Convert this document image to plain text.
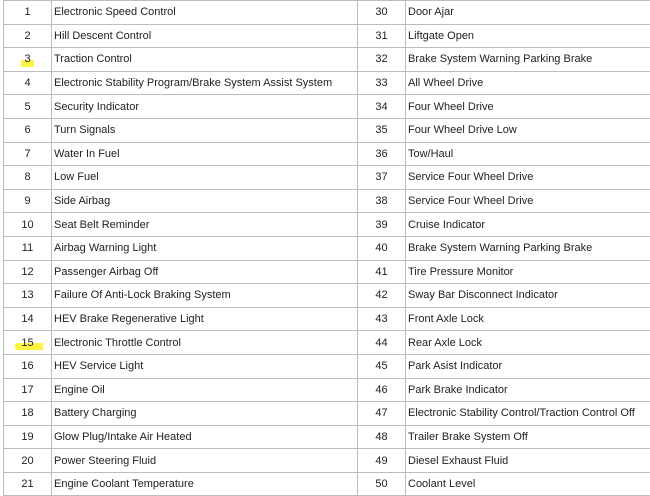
1	Electronic Speed Control	30	Door Ajar
2	Hill Descent Control	31	Liftgate Open

3	Traction Control	32	Brake System Warning Parking Brake
4	Electronic Stability Program/Brake System Assist System	33	All Wheel Drive
5	Security Indicator	34	Four Wheel Drive
6	Turn Signals	35	Four Wheel Drive Low
7	Water In Fuel	36	Tow/Haul
8	Low Fuel	37	Service Four Wheel Drive
9	Side Airbag	38	Service Four Wheel Drive
10	Seat Belt Reminder	39	Cruise Indicator
11	Airbag Warning Light	40	Brake System Warning Parking Brake
12	Passenger Airbag Off	41	Tire Pressure Monitor
13	Failure Of Anti-Lock Braking System	42	Sway Bar Disconnect Indicator
14	HEV Brake Regenerative Light	43	Front Axle Lock

15	Electronic Throttle Control	44	Rear Axle Lock
16	HEV Service Light	45	Park Asist Indicator
17	Engine Oil	46	Park Brake Indicator
18	Battery Charging	47	Electronic Stability Control/Traction Control Off
19	Glow Plug/Intake Air Heated	48	Trailer Brake System Off
20	Power Steering Fluid	49	Diesel Exhaust Fluid
21	Engine Coolant Temperature	50	Coolant Level
